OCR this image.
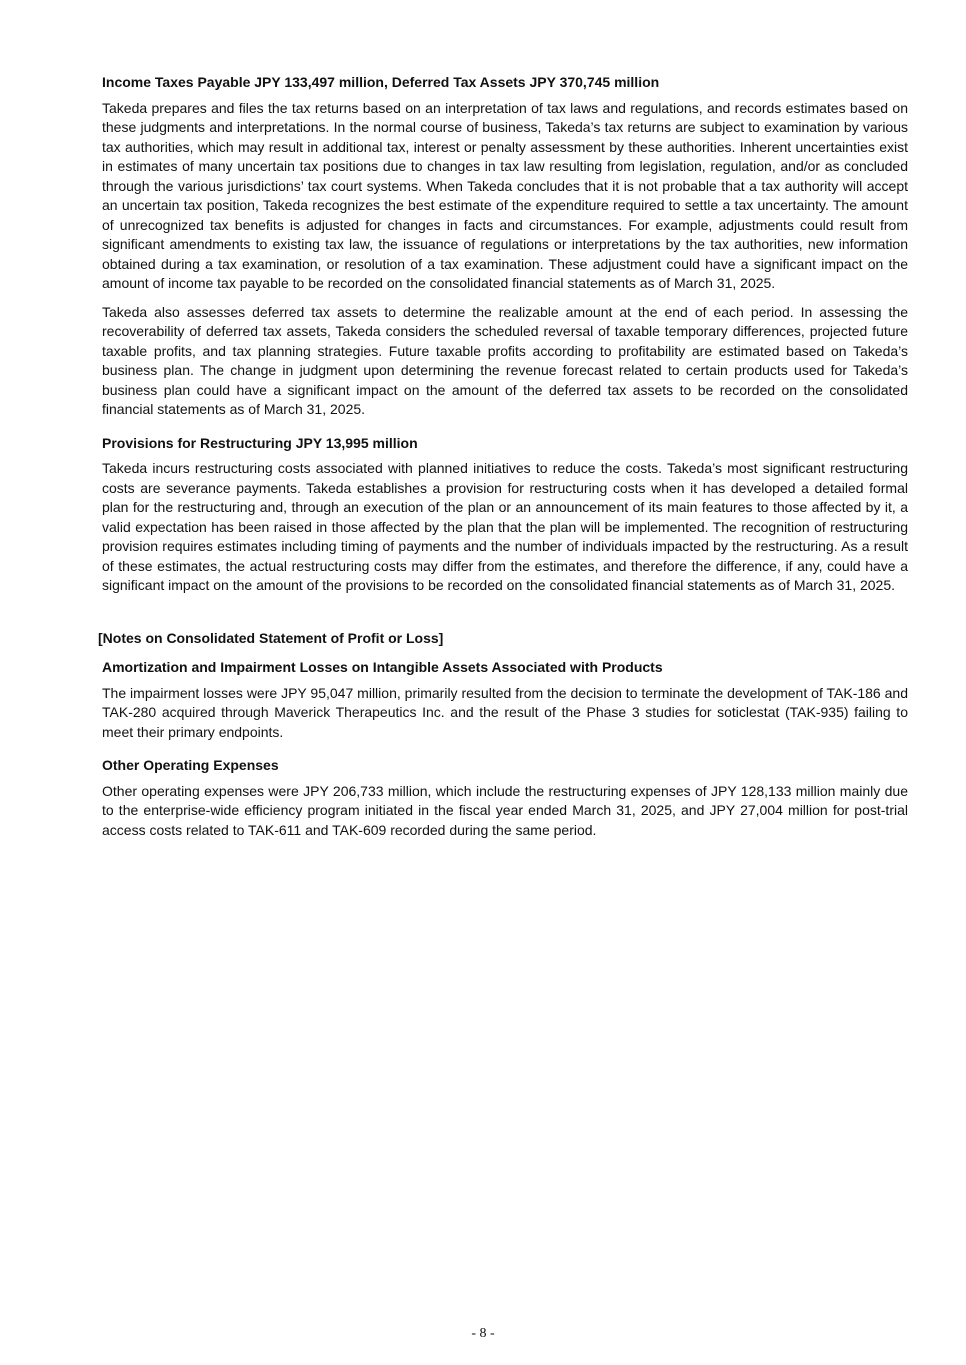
Income Taxes Payable JPY 133,497 million, Deferred Tax Assets JPY 370,745 million

Takeda prepares and files the tax returns based on an interpretation of tax laws and regulations, and records estimates based on these judgments and interpretations. In the normal course of business, Takeda’s tax returns are subject to examination by various tax authorities, which may result in additional tax, interest or penalty assessment by these authorities. Inherent uncertainties exist in estimates of many uncertain tax positions due to changes in tax law resulting from legislation, regulation, and/or as concluded through the various jurisdictions’ tax court systems. When Takeda concludes that it is not probable that a tax authority will accept an uncertain tax position, Takeda recognizes the best estimate of the expenditure required to settle a tax uncertainty. The amount of unrecognized tax benefits is adjusted for changes in facts and circumstances. For example, adjustments could result from significant amendments to existing tax law, the issuance of regulations or interpretations by the tax authorities, new information obtained during a tax examination, or resolution of a tax examination. These adjustment could have a significant impact on the amount of income tax payable to be recorded on the consolidated financial statements as of March 31, 2025.

Takeda also assesses deferred tax assets to determine the realizable amount at the end of each period. In assessing the recoverability of deferred tax assets, Takeda considers the scheduled reversal of taxable temporary differences, projected future taxable profits, and tax planning strategies. Future taxable profits according to profitability are estimated based on Takeda’s business plan. The change in judgment upon determining the revenue forecast related to certain products used for Takeda’s business plan could have a significant impact on the amount of the deferred tax assets to be recorded on the consolidated financial statements as of March 31, 2025.

Provisions for Restructuring JPY 13,995 million

Takeda incurs restructuring costs associated with planned initiatives to reduce the costs. Takeda’s most significant restructuring costs are severance payments. Takeda establishes a provision for restructuring costs when it has developed a detailed formal plan for the restructuring and, through an execution of the plan or an announcement of its main features to those affected by it, a valid expectation has been raised in those affected by the plan that the plan will be implemented. The recognition of restructuring provision requires estimates including timing of payments and the number of individuals impacted by the restructuring. As a result of these estimates, the actual restructuring costs may differ from the estimates, and therefore the difference, if any, could have a significant impact on the amount of the provisions to be recorded on the consolidated financial statements as of March 31, 2025.

[Notes on Consolidated Statement of Profit or Loss]
Amortization and Impairment Losses on Intangible Assets Associated with Products

The impairment losses were JPY 95,047 million, primarily resulted from the decision to terminate the development of TAK-186 and TAK-280 acquired through Maverick Therapeutics Inc. and the result of the Phase 3 studies for soticlestat (TAK-935) failing to meet their primary endpoints.

Other Operating Expenses

Other operating expenses were JPY 206,733 million, which include the restructuring expenses of JPY 128,133 million mainly due to the enterprise-wide efficiency program initiated in the fiscal year ended March 31, 2025, and JPY 27,004 million for post-trial access costs related to TAK-611 and TAK-609 recorded during the same period.

- 8 -
